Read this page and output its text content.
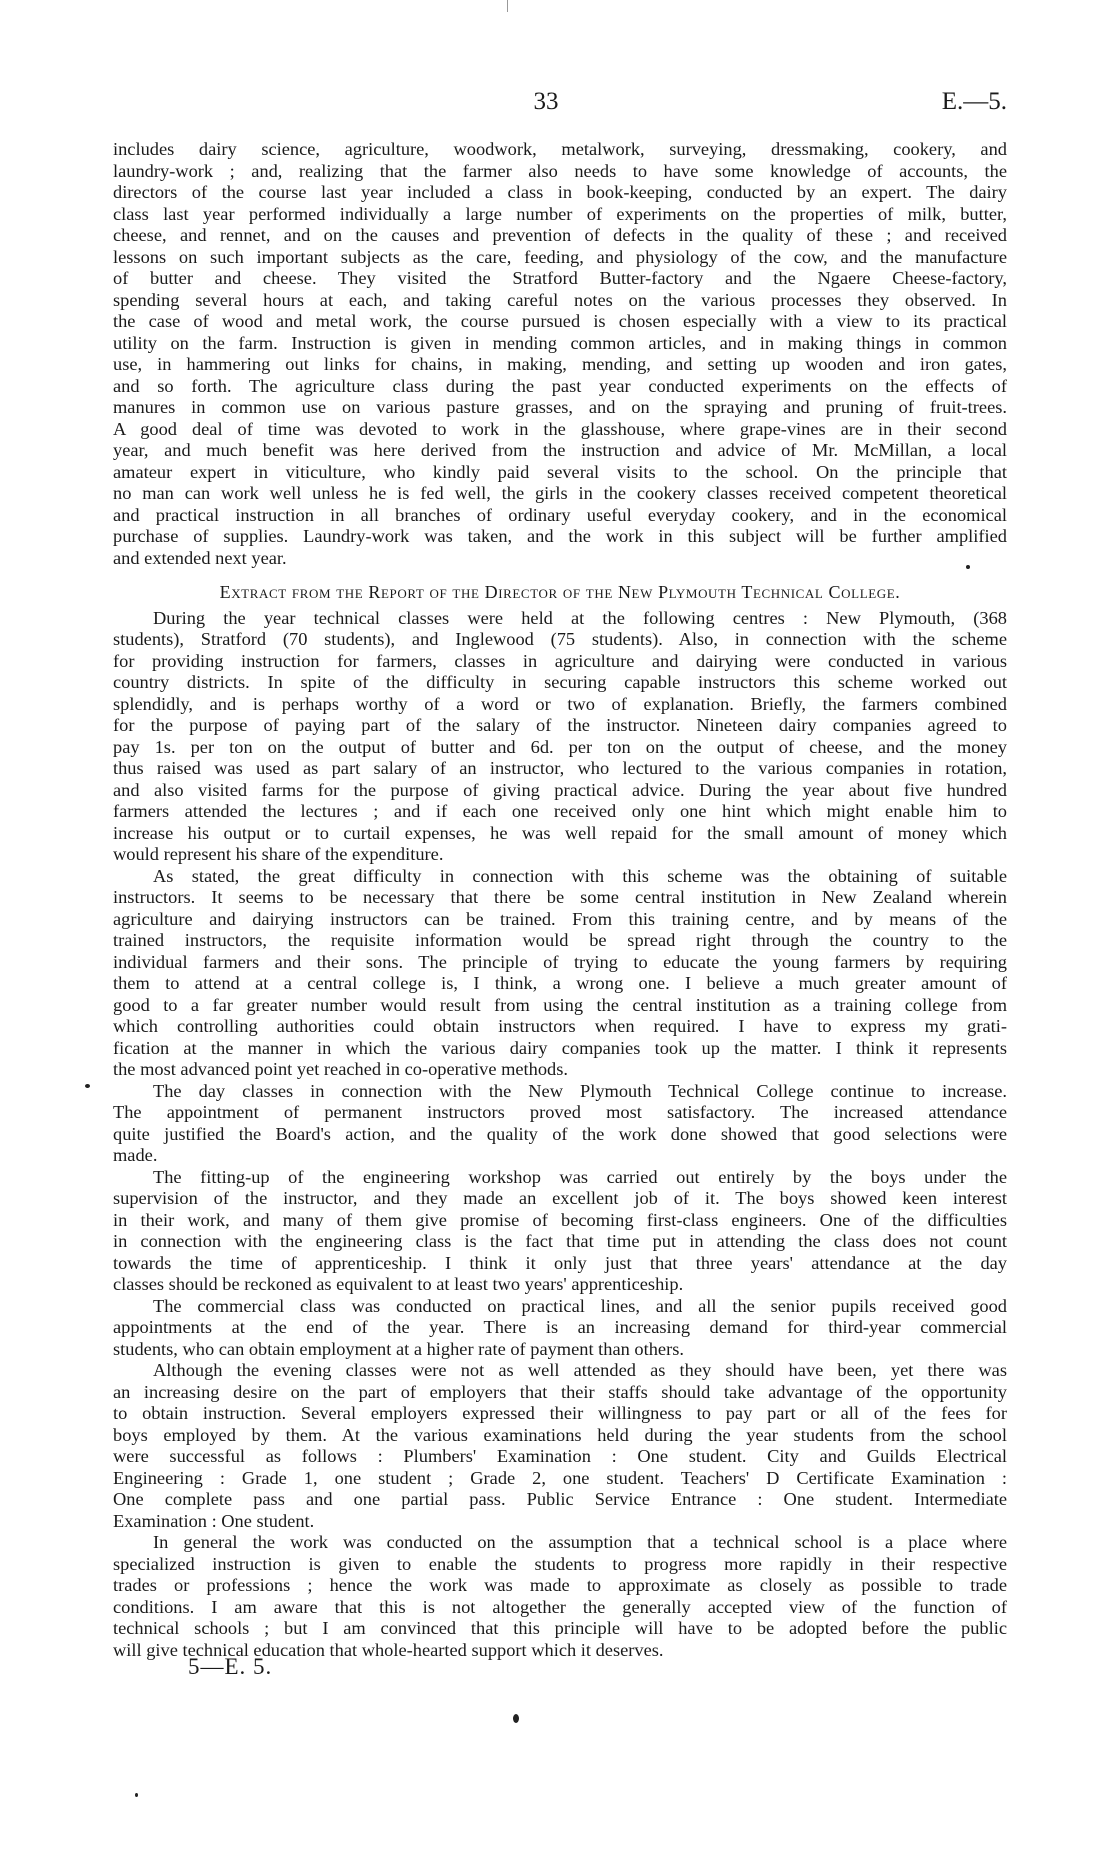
33	E.—5.
includes dairy science, agriculture, woodwork, metalwork, surveying, dressmaking, cookery, and
laundry-work ; and, realizing that the farmer also needs to have some knowledge of accounts, the
directors of the course last year included a class in book-keeping, conducted by an expert. The dairy
class last year performed individually a large number of experiments on the properties of milk, butter,
cheese, and rennet, and on the causes and prevention of defects in the quality of these ; and received
lessons on such important subjects as the care, feeding, and physiology of the cow, and the manufacture
of butter and cheese. They visited the Stratford Butter-factory and the Ngaere Cheese-factory,
spending several hours at each, and taking careful notes on the various processes they observed. In
the case of wood and metal work, the course pursued is chosen especially with a view to its practical
utility on the farm. Instruction is given in mending common articles, and in making things in common
use, in hammering out links for chains, in making, mending, and setting up wooden and iron gates,
and so forth. The agriculture class during the past year conducted experiments on the effects of
manures in common use on various pasture grasses, and on the spraying and pruning of fruit-trees.
A good deal of time was devoted to work in the glasshouse, where grape-vines are in their second
year, and much benefit was here derived from the instruction and advice of Mr. McMillan, a local
amateur expert in viticulture, who kindly paid several visits to the school. On the principle that
no man can work well unless he is fed well, the girls in the cookery classes received competent theoretical
and practical instruction in all branches of ordinary useful everyday cookery, and in the economical
purchase of supplies. Laundry-work was taken, and the work in this subject will be further amplified
and extended next year.
Extract from the Report of the Director of the New Plymouth Technical College.
During the year technical classes were held at the following centres : New Plymouth, (368
students), Stratford (70 students), and Inglewood (75 students). Also, in connection with the scheme
for providing instruction for farmers, classes in agriculture and dairying were conducted in various
country districts. In spite of the difficulty in securing capable instructors this scheme worked out
splendidly, and is perhaps worthy of a word or two of explanation. Briefly, the farmers combined
for the purpose of paying part of the salary of the instructor. Nineteen dairy companies agreed to
pay 1s. per ton on the output of butter and 6d. per ton on the output of cheese, and the money
thus raised was used as part salary of an instructor, who lectured to the various companies in rotation,
and also visited farms for the purpose of giving practical advice. During the year about five hundred
farmers attended the lectures ; and if each one received only one hint which might enable him to
increase his output or to curtail expenses, he was well repaid for the small amount of money which
would represent his share of the expenditure.
As stated, the great difficulty in connection with this scheme was the obtaining of suitable
instructors. It seems to be necessary that there be some central institution in New Zealand wherein
agriculture and dairying instructors can be trained. From this training centre, and by means of the
trained instructors, the requisite information would be spread right through the country to the
individual farmers and their sons. The principle of trying to educate the young farmers by requiring
them to attend at a central college is, I think, a wrong one. I believe a much greater amount of
good to a far greater number would result from using the central institution as a training college from
which controlling authorities could obtain instructors when required. I have to express my grati-
fication at the manner in which the various dairy companies took up the matter. I think it represents
the most advanced point yet reached in co-operative methods.
The day classes in connection with the New Plymouth Technical College continue to increase.
The appointment of permanent instructors proved most satisfactory. The increased attendance
quite justified the Board's action, and the quality of the work done showed that good selections were
made.
The fitting-up of the engineering workshop was carried out entirely by the boys under the
supervision of the instructor, and they made an excellent job of it. The boys showed keen interest
in their work, and many of them give promise of becoming first-class engineers. One of the difficulties
in connection with the engineering class is the fact that time put in attending the class does not count
towards the time of apprenticeship. I think it only just that three years' attendance at the day
classes should be reckoned as equivalent to at least two years' apprenticeship.
The commercial class was conducted on practical lines, and all the senior pupils received good
appointments at the end of the year. There is an increasing demand for third-year commercial
students, who can obtain employment at a higher rate of payment than others.
Although the evening classes were not as well attended as they should have been, yet there was
an increasing desire on the part of employers that their staffs should take advantage of the opportunity
to obtain instruction. Several employers expressed their willingness to pay part or all of the fees for
boys employed by them. At the various examinations held during the year students from the school
were successful as follows : Plumbers' Examination : One student. City and Guilds Electrical
Engineering : Grade 1, one student ; Grade 2, one student. Teachers' D Certificate Examination :
One complete pass and one partial pass. Public Service Entrance : One student. Intermediate
Examination : One student.
In general the work was conducted on the assumption that a technical school is a place where
specialized instruction is given to enable the students to progress more rapidly in their respective
trades or professions ; hence the work was made to approximate as closely as possible to trade
conditions. I am aware that this is not altogether the generally accepted view of the function of
technical schools ; but I am convinced that this principle will have to be adopted before the public
will give technical education that whole-hearted support which it deserves.
5—E. 5.
